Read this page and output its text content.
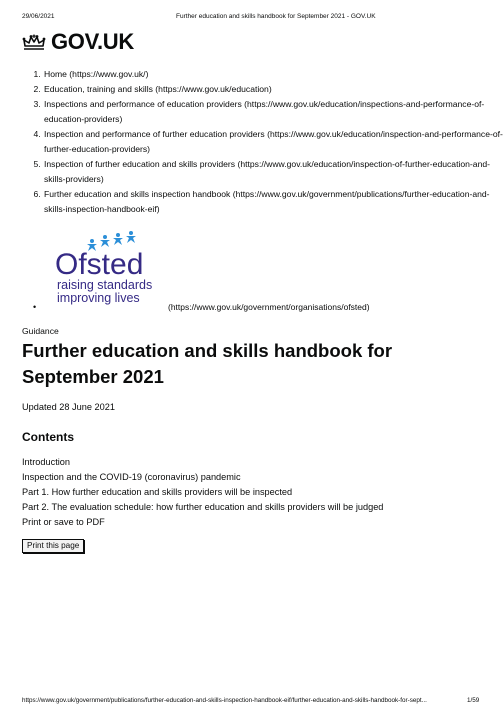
29/06/2021	Further education and skills handbook for September 2021 - GOV.UK
GOV.UK
1. Home (https://www.gov.uk/)
2. Education, training and skills (https://www.gov.uk/education)
3. Inspections and performance of education providers (https://www.gov.uk/education/inspections-and-performance-of-education-providers)
4. Inspection and performance of further education providers (https://www.gov.uk/education/inspection-and-performance-of-further-education-providers)
5. Inspection of further education and skills providers (https://www.gov.uk/education/inspection-of-further-education-and-skills-providers)
6. Further education and skills inspection handbook (https://www.gov.uk/government/publications/further-education-and-skills-inspection-handbook-eif)
Ofsted
raising standards
improving lives
•	(https://www.gov.uk/government/organisations/ofsted)
Guidance
Further education and skills handbook for September 2021
Updated 28 June 2021
Contents
Introduction
Inspection and the COVID-19 (coronavirus) pandemic
Part 1. How further education and skills providers will be inspected
Part 2. The evaluation schedule: how further education and skills providers will be judged
Print or save to PDF
Print this page
https://www.gov.uk/government/publications/further-education-and-skills-inspection-handbook-eif/further-education-and-skills-handbook-for-sept...	1/59
